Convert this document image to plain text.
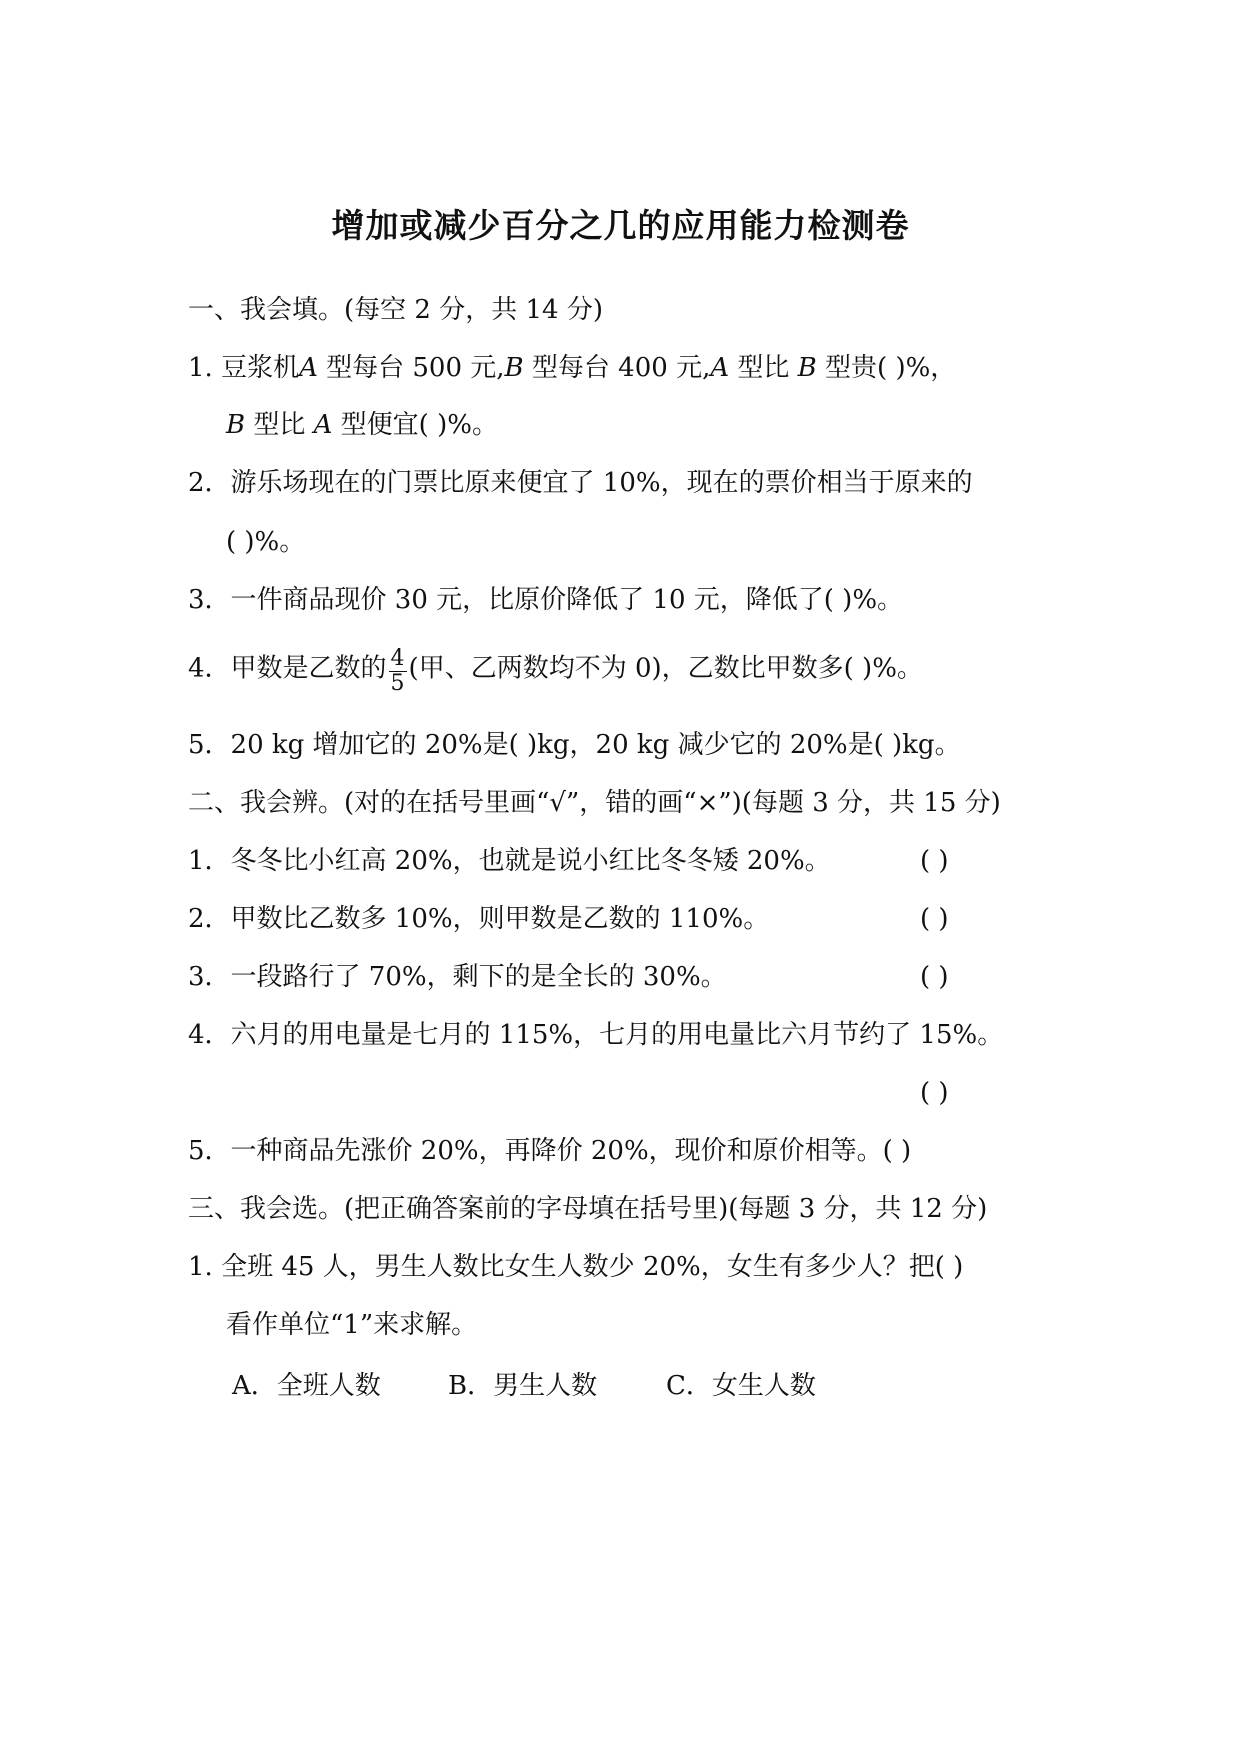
增加或减少百分之几的应用能力检测卷
一、我会填。(每空 2 分，共 14 分)
1. 豆浆机A 型每台 500 元,B 型每台 400 元,A 型比 B 型贵( )%，
B 型比 A 型便宜( )%。
2．游乐场现在的门票比原来便宜了 10%，现在的票价相当于原来的
( )%。
3．一件商品现价 30 元，比原价降低了 10 元，降低了( )%。
4．甲数是乙数的 $\frac{4}{5}$ (甲、乙两数均不为 0)，乙数比甲数多( )%。
5．20 kg 增加它的 20%是( )kg，20 kg 减少它的 20%是( )kg。
二、我会辨。(对的在括号里画“√”，错的画“×”)(每题 3 分，共 15 分)
1．冬冬比小红高 20%，也就是说小红比冬冬矮 20%。	( )
2．甲数比乙数多 10%，则甲数是乙数的 110%。	( )
3．一段路行了 70%，剩下的是全长的 30%。	( )
4．六月的用电量是七月的 115%，七月的用电量比六月节约了 15%。
( )
5．一种商品先涨价 20%，再降价 20%，现价和原价相等。( )
三、我会选。(把正确答案前的字母填在括号里)(每题 3 分，共 12 分)
1. 全班 45 人，男生人数比女生人数少 20%，女生有多少人？把( )
看作单位“1”来求解。
A．全班人数	B．男生人数	C．女生人数
